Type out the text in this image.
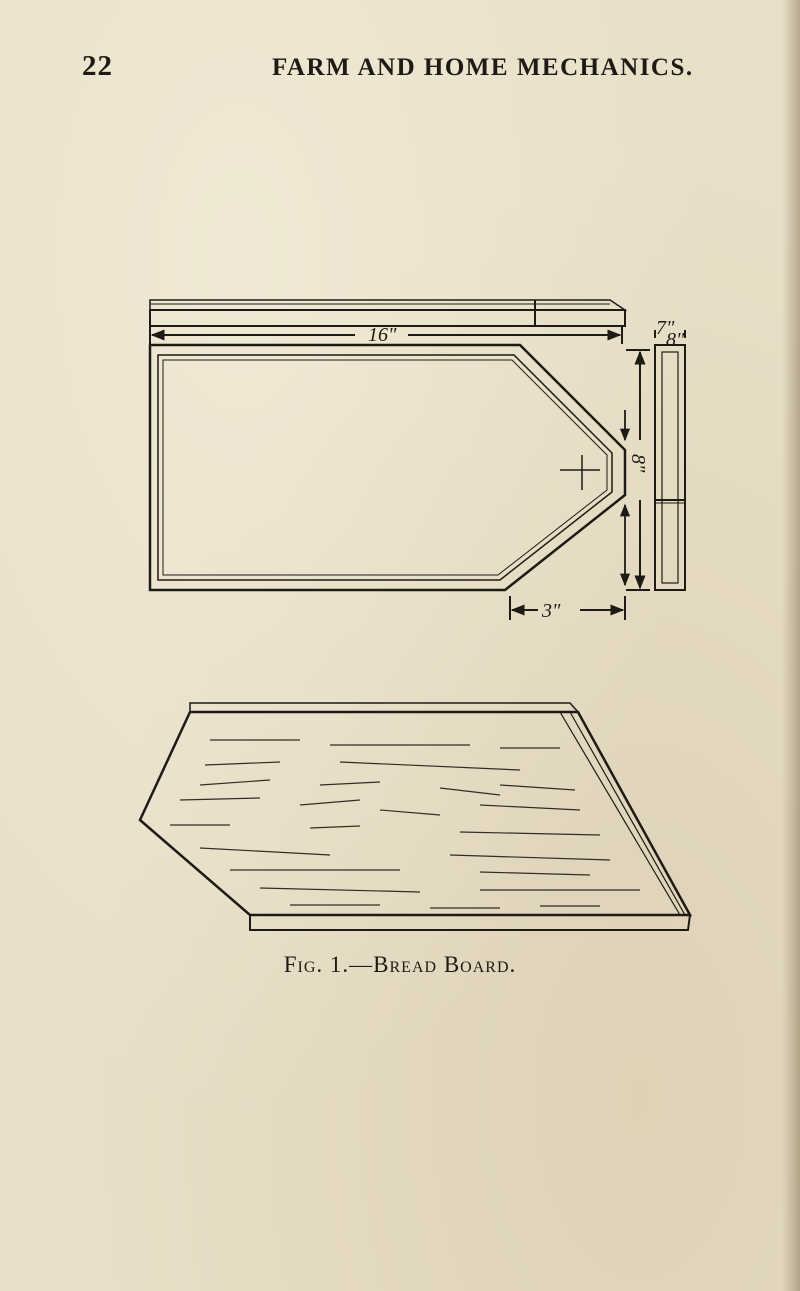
22	FARM AND HOME MECHANICS.
16"
8"
3"
7"
8"
Fig. 1.—Bread Board.
